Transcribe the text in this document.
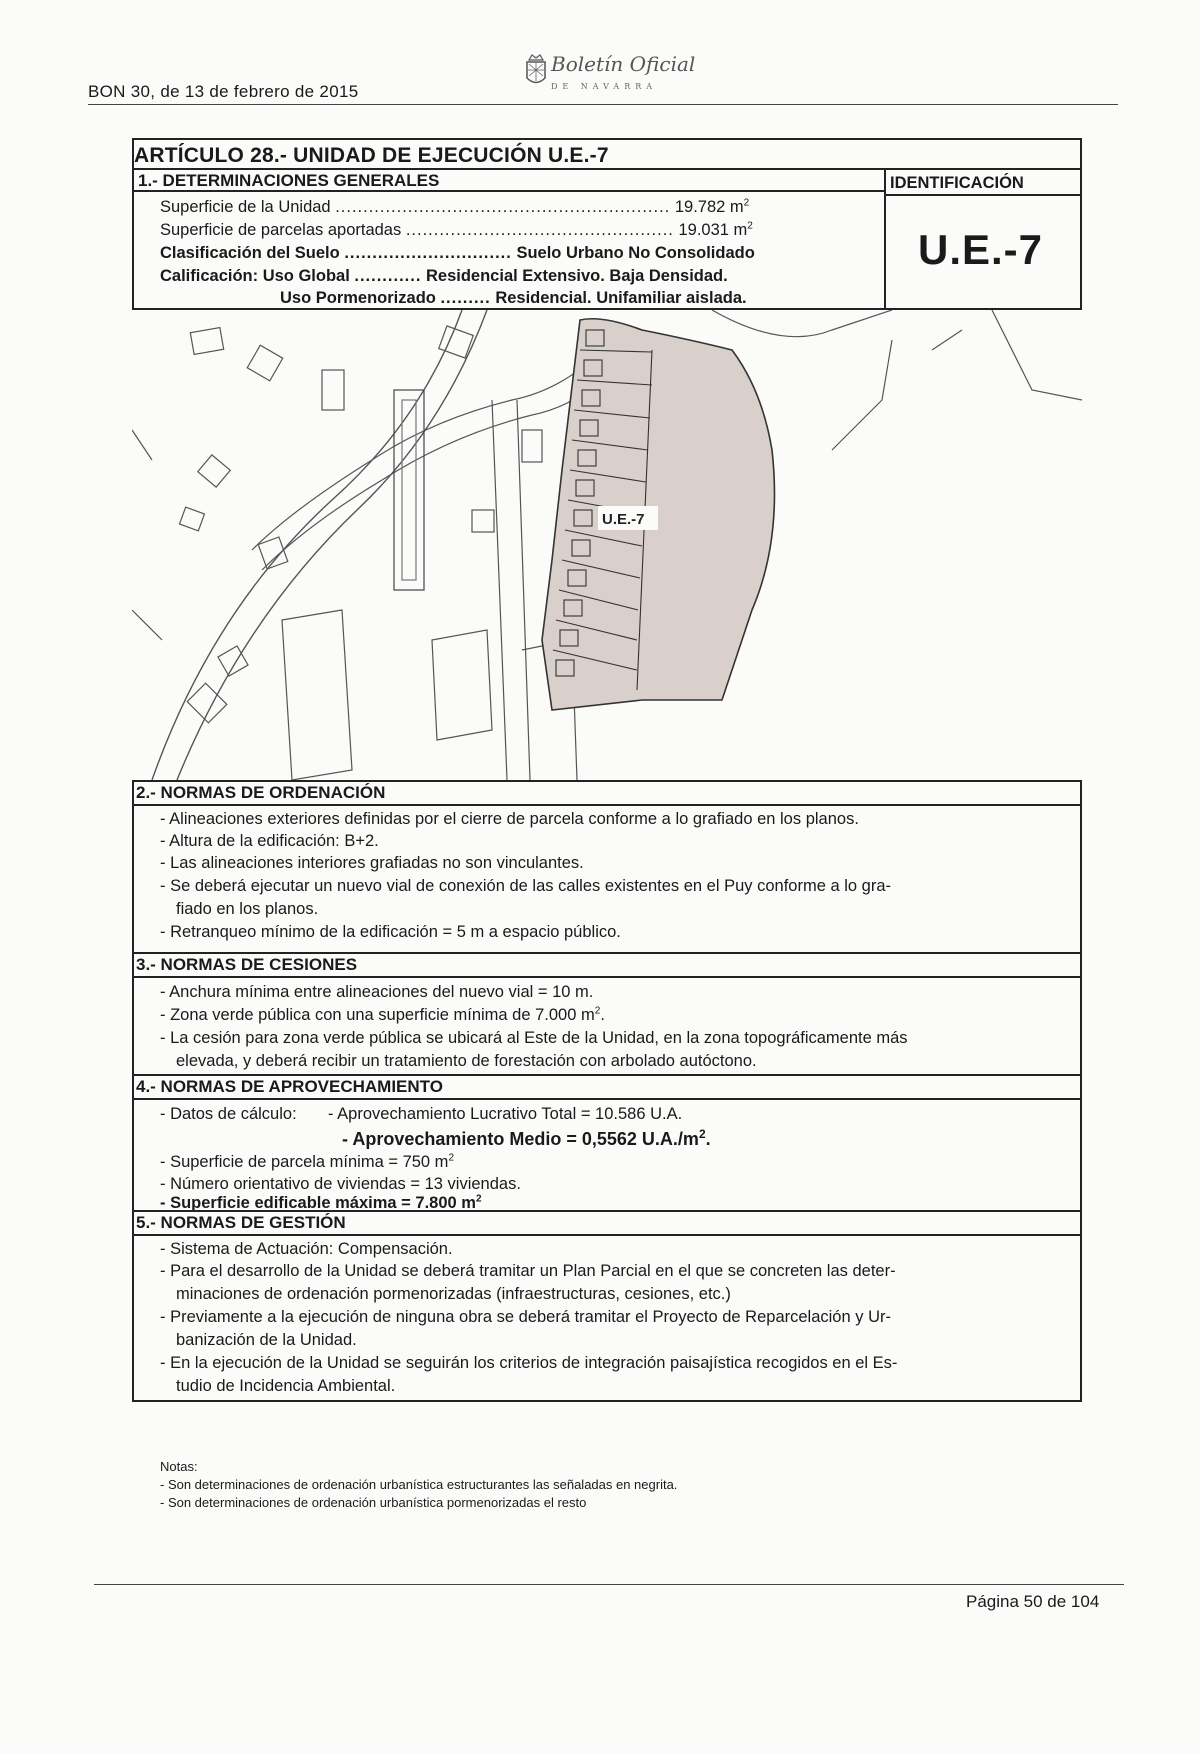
BON 30, de 13 de febrero de 2015
Boletín Oficial
DE NAVARRA
ARTÍCULO 28.- UNIDAD DE EJECUCIÓN U.E.-7
1.- DETERMINACIONES GENERALES	IDENTIFICACIÓN
U.E.-7
Superficie de la Unidad ............................................................ 19.782 $m^2$
Superficie de parcelas aportadas ................................................ 19.031 $m^2$
Clasificación del Suelo .............................. Suelo Urbano No Consolidado
Calificación: Uso Global ............ Residencial Extensivo. Baja Densidad.
Uso Pormenorizado ......... Residencial. Unifamiliar aislada.
U.E.-7
2.- NORMAS DE ORDENACIÓN
- Alineaciones exteriores definidas por el cierre de parcela conforme a lo grafiado en los planos.
- Altura de la edificación: B+2.
- Las alineaciones interiores grafiadas no son vinculantes.
- Se deberá ejecutar un nuevo vial de conexión de las calles existentes en el Puy conforme a lo gra-
fiado en los planos.
- Retranqueo mínimo de la edificación = 5 m a espacio público.
3.- NORMAS DE CESIONES
- Anchura mínima entre alineaciones del nuevo vial = 10 m.
- Zona verde pública con una superficie mínima de 7.000 $m^2$.
- La cesión para zona verde pública se ubicará al Este de la Unidad, en la zona topográficamente más
elevada, y deberá recibir un tratamiento de forestación con arbolado autóctono.
4.- NORMAS DE APROVECHAMIENTO
- Datos de cálculo: - Aprovechamiento Lucrativo Total = 10.586 U.A.
- Aprovechamiento Medio = 0,5562 $U.A./m^2$.
- Superficie de parcela mínima = 750 $m^2$
- Número orientativo de viviendas = 13 viviendas.
- Superficie edificable máxima = 7.800 $m^2$
5.- NORMAS DE GESTIÓN
- Sistema de Actuación: Compensación.
- Para el desarrollo de la Unidad se deberá tramitar un Plan Parcial en el que se concreten las deter-
minaciones de ordenación pormenorizadas (infraestructuras, cesiones, etc.)
- Previamente a la ejecución de ninguna obra se deberá tramitar el Proyecto de Reparcelación y Ur-
banización de la Unidad.
- En la ejecución de la Unidad se seguirán los criterios de integración paisajística recogidos en el Es-
tudio de Incidencia Ambiental.
Notas:
- Son determinaciones de ordenación urbanística estructurantes las señaladas en negrita.
- Son determinaciones de ordenación urbanística pormenorizadas el resto
Página 50 de 104
